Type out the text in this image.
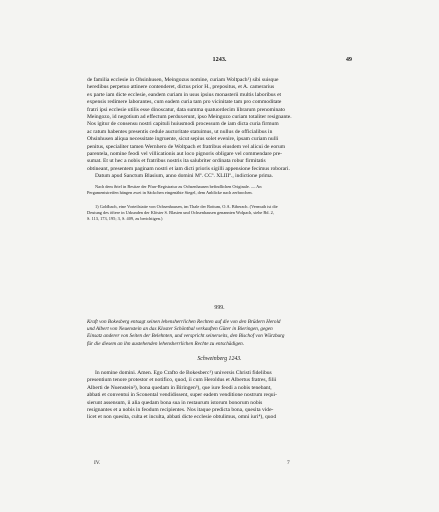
1243.	49
de familia ecclesie in Ohsinhusen, Meingozus nomine, curiam Woltpach¹) sibi suisque
heredibus perpetuo attinere contenderet, dictus prior H., prepositus, et A. camerarius
ex parte iam dicte ecclesie, eandem curiam in usus ipsius monasterii multis laboribus et
expensis redimere laborantes, cum eadem curia tam pro vicinitate tam pro commoditate
fratri ipsi ecclesie utilis esse dinoscatur, data summa quatuordecim librarum prenominato
Meingozo, id negotium ad effectum perduxerunt, ipso Meingozo curiam totaliter resignante.
Nos igitur de consensu nostri capituli huiusmodi processum de iam dicta curia firmum
ac ratum habentes presentis cedule auctoritate statuimus, ut nullus de officialibus in
Ohsinhusen aliqua necessitate ingruente, sicut sepius solet evenire, ipsam curiam nulli
penitus, specialiter tamen Wernhero de Woltpach et fratribus eiusdem vel alicui de eorum
parentela, nomine feodi vel villicationis aut loco pignoris obligare vel commendare pre-
sumat. Et ut hec a nobis et fratribus nostris ita salubriter ordinata robur firmitatis
obtineant, presentem paginam nostri et iam dicti prioris sigilli appensione fecimus roborari.
Datum apud Sanctum Blasium, anno domini Mº. CCº. XLIIIº., indictione prima.
Nach dem ðriel in Besitze der Pfarr-Registratur zu Ochsenhausen befindlichen Originale. — An
Pergamentstreifen hängen zwei in Säckchen eingenähte Siegel, dem Anblicke nach zerbrochen.
1) Goldbach, eine Vorteilstatte von Ochsenhausen, im Thale der Rottum, O.A. Biberach. (Vermuth ist die
Deutung des öftere in Urkunden der Klöster S. Blasien und Ochsenhausen genannten Wolpach, siehe Bd. 2,
S. 113, 173, 195; 3, S. 409, zu berichtigen.)
999.
Kraft von Bokesberg entsagt seinen lehensherrlichen Rechten auf die von den Brüdern Herold
und Albert von Neuenstein an das Kloster Schönthal verkauften Güter in Bieringen, gegen
Einsatz anderer von Seiten der Belehnten, und verspricht seinerseits, den Bischof von Würzburg
für die diesem an ihn austehenden lehensherrlichen Rechte zu entschädigen.
Schweinberg 1243.
In nomine domini. Amen. Ego Crafto de Bokesberc¹) universis Christi fidelibus
presentium tenore protestor et notifico, quod, ii cum Heroldus et Albertus fratres, filii
Alberti de Nuenstein²), bona quedam in Biringen³), que iure feodi a nobis tenebant,
abbati et conventui in Sconental vendidissent, super eadem venditione nostrum requi-
sierunt assensum, ii alia quedam bona sua in restaurum istorum bonorum nobis
resignantes et a nobis in feodum recipientes. Nos itaque predicta bona, quesita vide-
licet et non quesita, culta et inculta, abbati dicte ecclesie obtulimus, omni iuri⁴), quod
IV.	7
